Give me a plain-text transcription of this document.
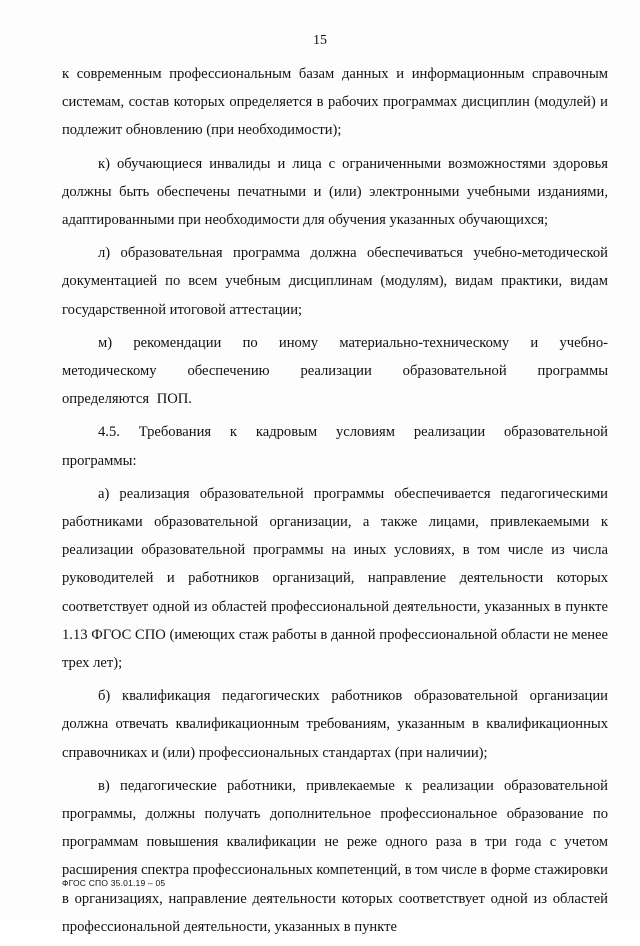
15

к современным профессиональным базам данных и информационным справочным системам, состав которых определяется в рабочих программах дисциплин (модулей) и подлежит обновлению (при необходимости);

к) обучающиеся инвалиды и лица с ограниченными возможностями здоровья должны быть обеспечены печатными и (или) электронными учебными изданиями, адаптированными при необходимости для обучения указанных обучающихся;

л) образовательная программа должна обеспечиваться учебно-методической документацией по всем учебным дисциплинам (модулям), видам практики, видам государственной итоговой аттестации;

м) рекомендации по иному материально-техническому и учебно-методическому обеспечению реализации образовательной программы определяются ПОП.

4.5. Требования к кадровым условиям реализации образовательной программы:

а) реализация образовательной программы обеспечивается педагогическими работниками образовательной организации, а также лицами, привлекаемыми к реализации образовательной программы на иных условиях, в том числе из числа руководителей и работников организаций, направление деятельности которых соответствует одной из областей профессиональной деятельности, указанных в пункте 1.13 ФГОС СПО (имеющих стаж работы в данной профессиональной области не менее трех лет);

б) квалификация педагогических работников образовательной организации должна отвечать квалификационным требованиям, указанным в квалификационных справочниках и (или) профессиональных стандартах (при наличии);

в) педагогические работники, привлекаемые к реализации образовательной программы, должны получать дополнительное профессиональное образование по программам повышения квалификации не реже одного раза в три года с учетом расширения спектра профессиональных компетенций, в том числе в форме стажировки в организациях, направление деятельности которых соответствует одной из областей профессиональной деятельности, указанных в пункте

ФГОС СПО 35.01.19 – 05
